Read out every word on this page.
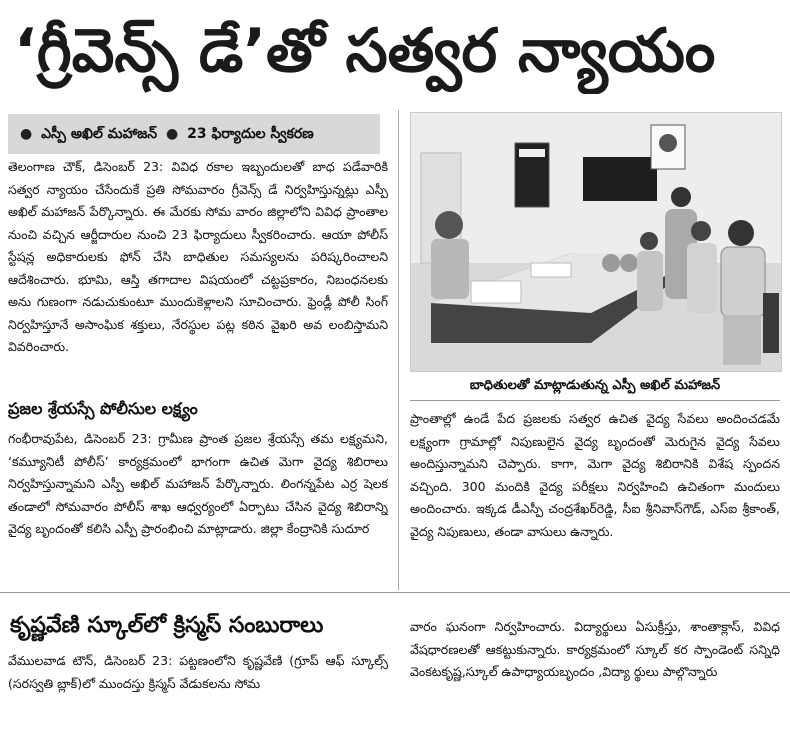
‘గ్రీవెన్స్ డే’తో సత్వర న్యాయం
● ఎస్పీ అఖిల్ మహాజన్ ● 23 ఫిర్యాదుల స్వీకరణ
తెలంగాణ చౌక్, డిసెంబర్ 23: వివిధ రకాల ఇబ్బందులతో బాధ పడేవారికి సత్వర న్యాయం చేసేందుకే ప్రతి సోమవారం గ్రీవెన్స్ డే నిర్వహిస్తున్నట్లు ఎస్పీ అఖిల్ మహాజన్ పేర్కొన్నారు. ఈ మేరకు సోమ వారం జిల్లాలోని వివిధ ప్రాంతాల నుంచి వచ్చిన ఆర్జీదారుల నుంచి 23 ఫిర్యాదులు స్వీకరించారు. ఆయా పోలీస్ స్టేషన్ల అధికారులకు ఫోన్ చేసి బాధితుల సమస్యలను పరిష్కరించాలని ఆదేశించారు. భూమి, ఆస్తి తగాదాల విషయంలో చట్టప్రకారం, నిబంధనలకు అను గుణంగా నడుచుకుంటూ ముందుకెళ్లాలని సూచించారు. ఫ్రెండ్లీ పోలీ సింగ్ నిర్వహిస్తూనే అసాంఘిక శక్తులు, నేరస్థుల పట్ల కఠిన వైఖరి అవ లంబిస్తామని వివరించారు.
ప్రజల శ్రేయస్సే పోలీసుల లక్ష్యం
గంభీరావుపేట, డిసెంబర్ 23: గ్రామీణ ప్రాంత ప్రజల శ్రేయస్సే తమ లక్ష్యమని, ‘కమ్యూనిటీ పోలీస్’ కార్యక్రమంలో భాగంగా ఉచిత మెగా వైద్య శిబిరాలు నిర్వహిస్తున్నామని ఎస్పీ అఖిల్ మహాజన్ పేర్కొన్నారు. లింగన్నపేట ఎర్ర షెలక తండాలో సోమవారం పోలీస్ శాఖ ఆధ్వర్యంలో ఏర్పాటు చేసిన వైద్య శిబిరాన్ని వైద్య బృందంతో కలిసి ఎస్పీ ప్రారంభించి మాట్లాడారు. జిల్లా కేంద్రానికి సుదూర
బాధితులతో మాట్లాడుతున్న ఎస్పీ అఖిల్ మహాజన్
ప్రాంతాల్లో ఉండే పేద ప్రజలకు సత్వర ఉచిత వైద్య సేవలు అందించడమే లక్ష్యంగా గ్రామాల్లో నిపుణులైన వైద్య బృందంతో మెరుగైన వైద్య సేవలు అందిస్తున్నామని చెప్పారు. కాగా, మెగా వైద్య శిబిరానికి విశేష స్పందన వచ్చింది. 300 మందికి వైద్య పరీక్షలు నిర్వహించి ఉచితంగా మందులు అందించారు. ఇక్కడ డీఎస్పీ చంద్రశేఖర్‌రెడ్డి, సీఐ శ్రీనివాస్‌గౌడ్, ఎస్ఐ శ్రీకాంత్, వైద్య నిపుణులు, తండా వాసులు ఉన్నారు.
కృష్ణవేణి స్కూల్‌లో క్రిస్మస్ సంబురాలు
వేములవాడ టౌన్, డిసెంబర్ 23: పట్టణంలోని కృష్ణవేణి (గ్రూప్ ఆఫ్ స్కూల్స్ (సరస్వతి బ్లాక్)లో ముందస్తు క్రిస్మస్ వేడుకలను సోమ
వారం ఘనంగా నిర్వహించారు. విద్యార్థులు ఏసుక్రీస్తు, శాంతాక్లాస్, వివిధ వేషధారణలతో ఆకట్టుకున్నారు. కార్యక్రమంలో స్కూల్ కర స్పాండెంట్ సన్నిధి వెంకటకృష్ణ,స్కూల్ ఉపాధ్యాయబృందం ,విద్యా ర్థులు పాల్గొన్నారు
